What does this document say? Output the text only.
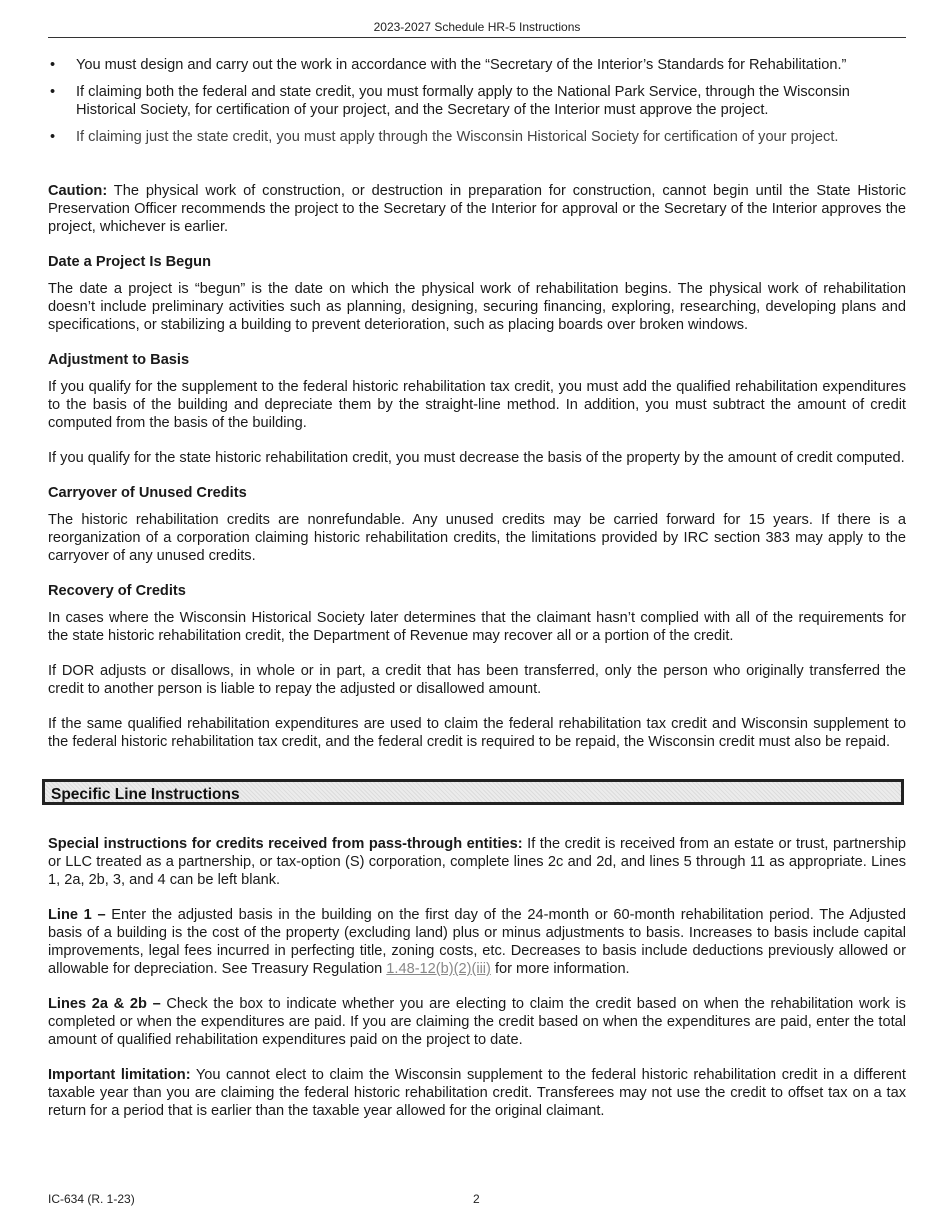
2023-2027 Schedule HR-5 Instructions
• You must design and carry out the work in accordance with the “Secretary of the Interior’s Standards for Rehabilitation.”
• If claiming both the federal and state credit, you must formally apply to the National Park Service, through the Wisconsin Historical Society, for certification of your project, and the Secretary of the Interior must approve the project.
• If claiming just the state credit, you must apply through the Wisconsin Historical Society for certification of your project.

Caution: The physical work of construction, or destruction in preparation for construction, cannot begin until the State Historic Preservation Officer recommends the project to the Secretary of the Interior for approval or the Secretary of the Interior approves the project, whichever is earlier.

Date a Project Is Begun

The date a project is “begun” is the date on which the physical work of rehabilitation begins. The physical work of rehabilitation doesn’t include preliminary activities such as planning, designing, securing financing, exploring, researching, developing plans and specifications, or stabilizing a building to prevent deterioration, such as placing boards over broken windows.

Adjustment to Basis

If you qualify for the supplement to the federal historic rehabilitation tax credit, you must add the qualified rehabilitation expenditures to the basis of the building and depreciate them by the straight-line method. In addition, you must subtract the amount of credit computed from the basis of the building.

If you qualify for the state historic rehabilitation credit, you must decrease the basis of the property by the amount of credit computed.

Carryover of Unused Credits

The historic rehabilitation credits are nonrefundable. Any unused credits may be carried forward for 15 years. If there is a reorganization of a corporation claiming historic rehabilitation credits, the limitations provided by IRC section 383 may apply to the carryover of any unused credits.

Recovery of Credits

In cases where the Wisconsin Historical Society later determines that the claimant hasn’t complied with all of the requirements for the state historic rehabilitation credit, the Department of Revenue may recover all or a portion of the credit.

If DOR adjusts or disallows, in whole or in part, a credit that has been transferred, only the person who originally transferred the credit to another person is liable to repay the adjusted or disallowed amount.

If the same qualified rehabilitation expenditures are used to claim the federal rehabilitation tax credit and Wisconsin supplement to the federal historic rehabilitation tax credit, and the federal credit is required to be repaid, the Wisconsin credit must also be repaid.

Specific Line Instructions

Special instructions for credits received from pass-through entities: If the credit is received from an estate or trust, partnership or LLC treated as a partnership, or tax-option (S) corporation, complete lines 2c and 2d, and lines 5 through 11 as appropriate. Lines 1, 2a, 2b, 3, and 4 can be left blank.

Line 1 – Enter the adjusted basis in the building on the first day of the 24-month or 60-month rehabilitation period. The Adjusted basis of a building is the cost of the property (excluding land) plus or minus adjustments to basis. Increases to basis include capital improvements, legal fees incurred in perfecting title, zoning costs, etc. Decreases to basis include deductions previously allowed or allowable for depreciation. See Treasury Regulation 1.48-12(b)(2)(iii) for more information.

Lines 2a & 2b – Check the box to indicate whether you are electing to claim the credit based on when the rehabilitation work is completed or when the expenditures are paid. If you are claiming the credit based on when the expenditures are paid, enter the total amount of qualified rehabilitation expenditures paid on the project to date.

Important limitation: You cannot elect to claim the Wisconsin supplement to the federal historic rehabilitation credit in a different taxable year than you are claiming the federal historic rehabilitation credit. Transferees may not use the credit to offset tax on a tax return for a period that is earlier than the taxable year allowed for the original claimant.

IC-634 (R. 1-23)	2
